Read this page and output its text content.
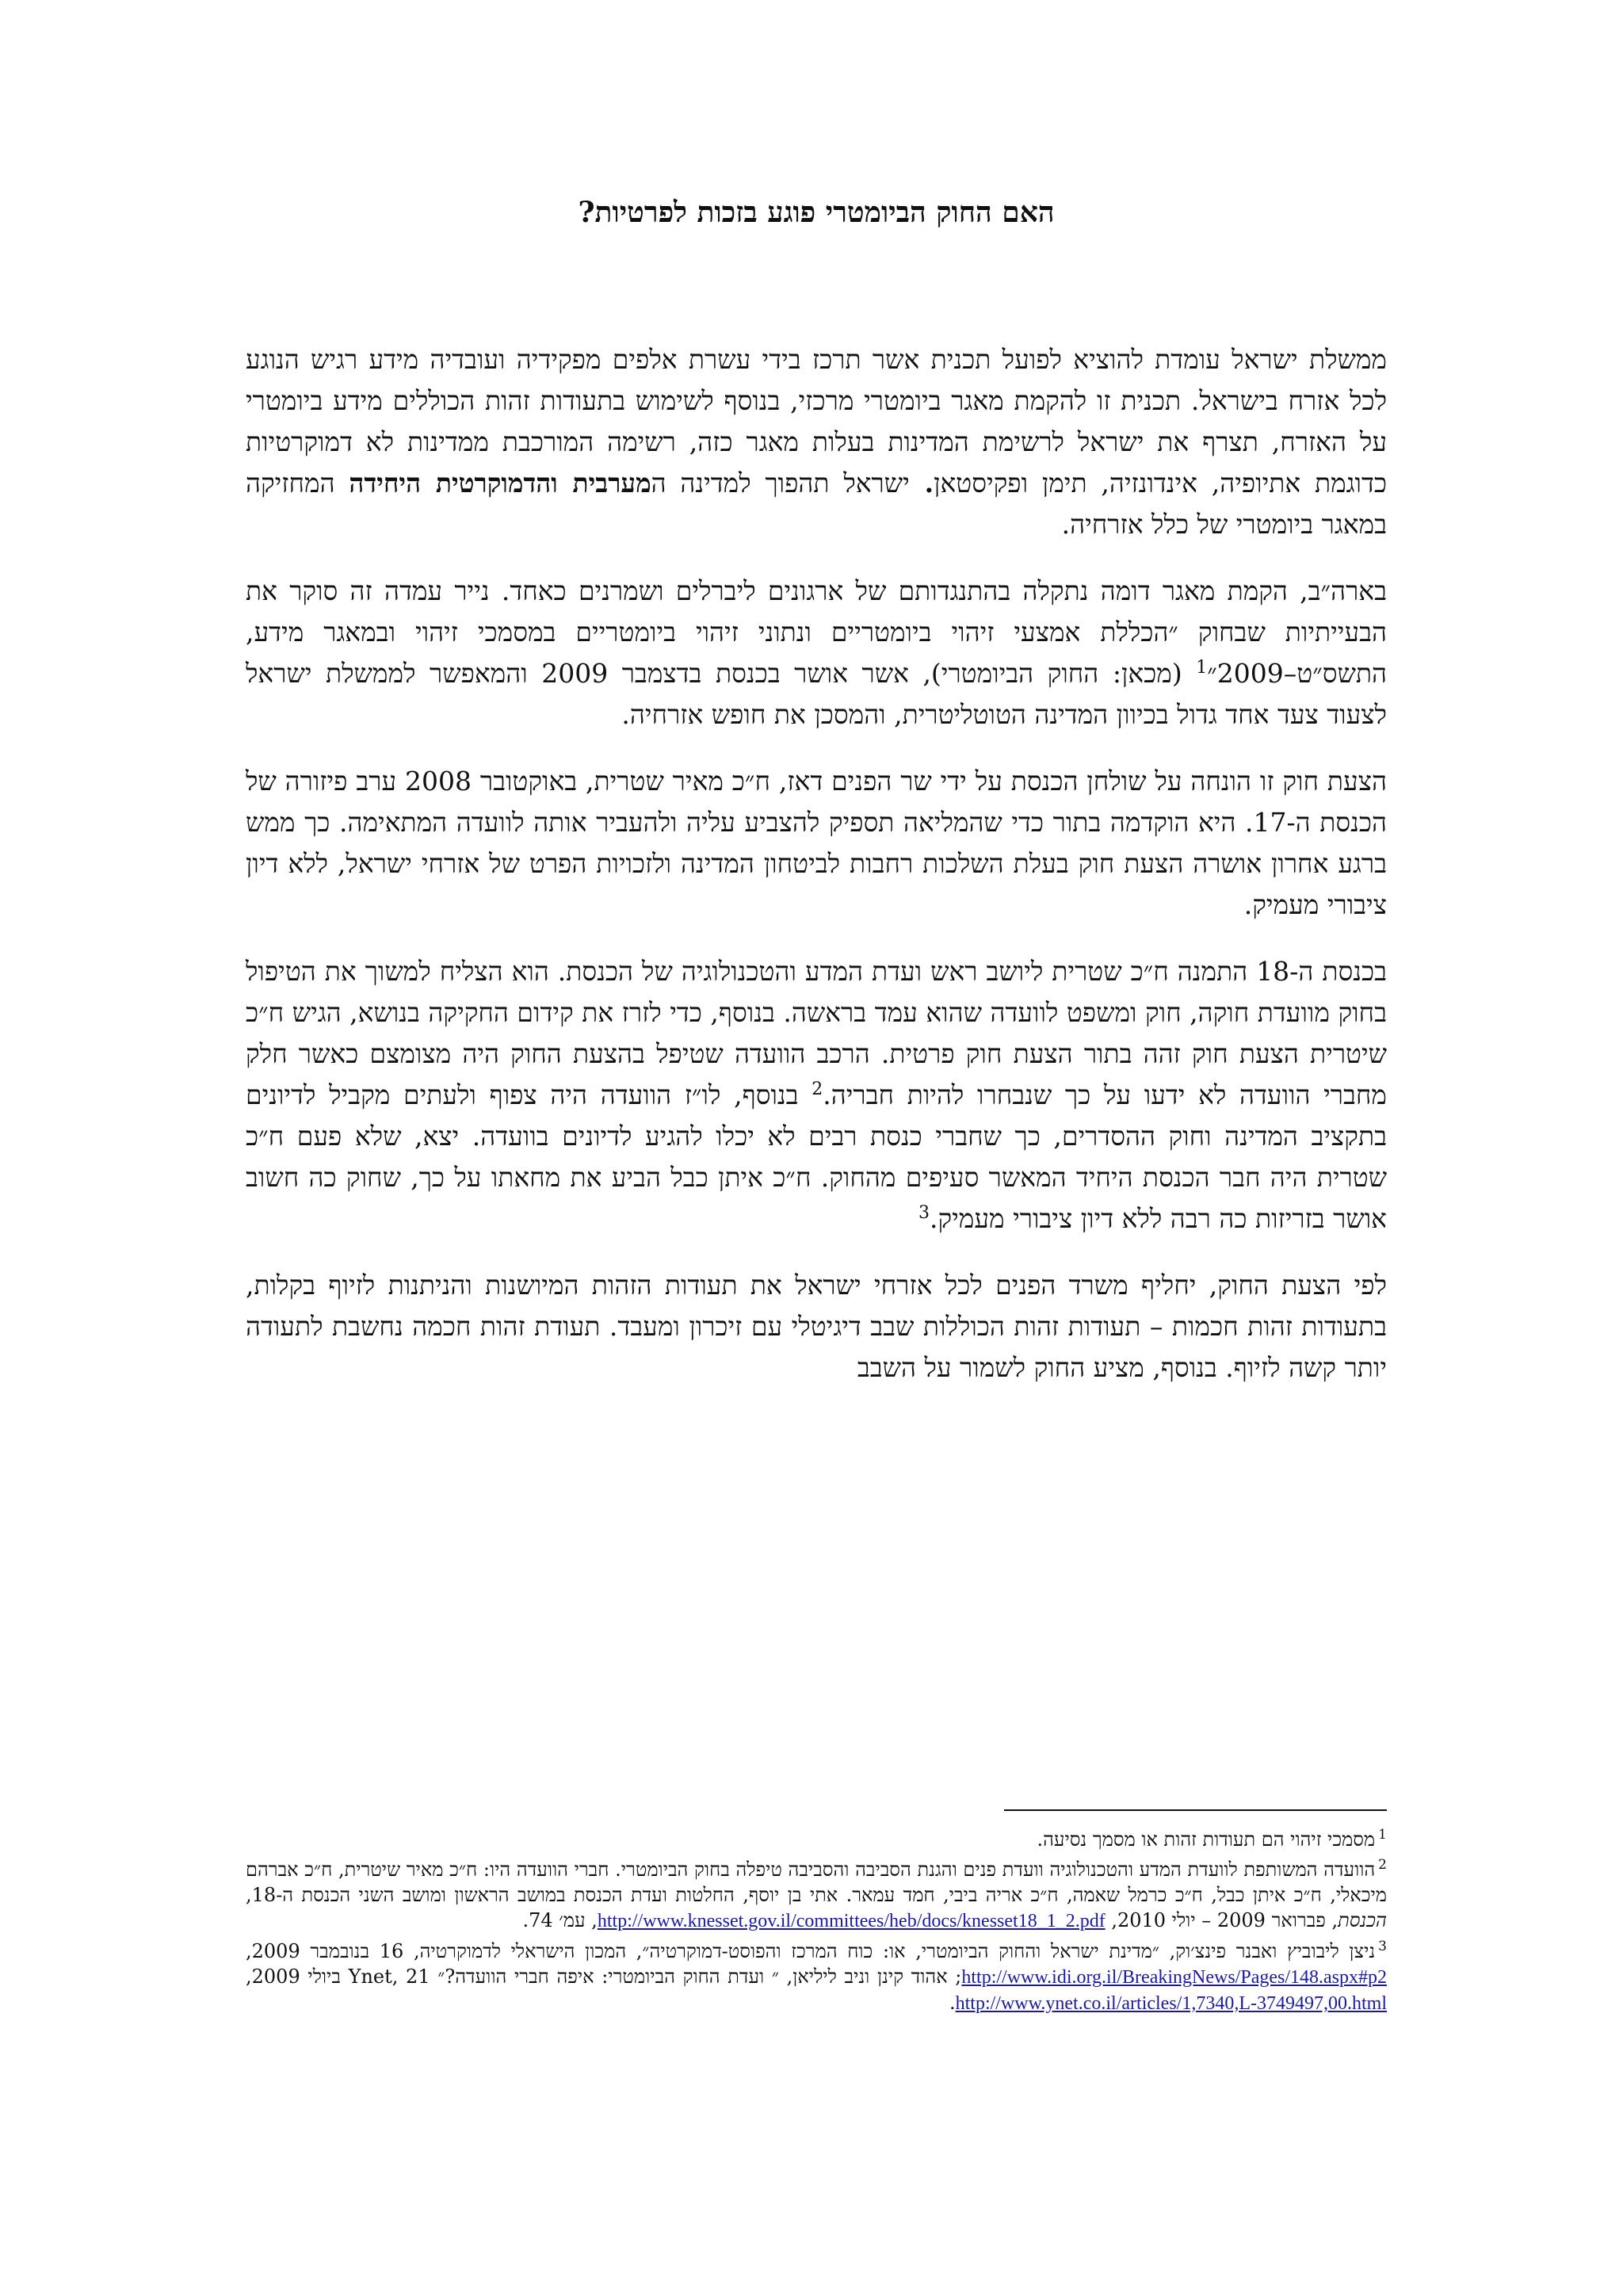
האם החוק הביומטרי פוגע בזכות לפרטיות?

ממשלת ישראל עומדת להוציא לפועל תכנית אשר תרכז בידי עשרת אלפים מפקידיה ועובדיה מידע רגיש הנוגע לכל אזרח בישראל. תכנית זו להקמת מאגר ביומטרי מרכזי, בנוסף לשימוש בתעודות זהות הכוללים מידע ביומטרי על האזרח, תצרף את ישראל לרשימת המדינות בעלות מאגר כזה, רשימה המורכבת ממדינות לא דמוקרטיות כדוגמת אתיופיה, אינדונזיה, תימן ופקיסטאן. ישראל תהפוך למדינה המערבית והדמוקרטית היחידה המחזיקה במאגר ביומטרי של כלל אזרחיה.

בארה״ב, הקמת מאגר דומה נתקלה בהתנגדותם של ארגונים ליברלים ושמרנים כאחד. נייר עמדה זה סוקר את הבעייתיות שבחוק ״הכללת אמצעי זיהוי ביומטריים ונתוני זיהוי ביומטריים במסמכי זיהוי ובמאגר מידע, התשס״ט–2009״$^1$ (מכאן: החוק הביומטרי), אשר אושר בכנסת בדצמבר 2009 והמאפשר לממשלת ישראל לצעוד צעד אחד גדול בכיוון המדינה הטוטליטרית, והמסכן את חופש אזרחיה.

הצעת חוק זו הונחה על שולחן הכנסת על ידי שר הפנים דאז, ח״כ מאיר שטרית, באוקטובר 2008 ערב פיזורה של הכנסת ה-17. היא הוקדמה בתור כדי שהמליאה תספיק להצביע עליה ולהעביר אותה לוועדה המתאימה. כך ממש ברגע אחרון אושרה הצעת חוק בעלת השלכות רחבות לביטחון המדינה ולזכויות הפרט של אזרחי ישראל, ללא דיון ציבורי מעמיק.

בכנסת ה-18 התמנה ח״כ שטרית ליושב ראש ועדת המדע והטכנולוגיה של הכנסת. הוא הצליח למשוך את הטיפול בחוק מוועדת חוקה, חוק ומשפט לוועדה שהוא עמד בראשה. בנוסף, כדי לזרז את קידום החקיקה בנושא, הגיש ח״כ שיטרית הצעת חוק זהה בתור הצעת חוק פרטית. הרכב הוועדה שטיפל בהצעת החוק היה מצומצם כאשר חלק מחברי הוועדה לא ידעו על כך שנבחרו להיות חבריה.$^2$ בנוסף, לו״ז הוועדה היה צפוף ולעתים מקביל לדיונים בתקציב המדינה וחוק ההסדרים, כך שחברי כנסת רבים לא יכלו להגיע לדיונים בוועדה. יצא, שלא פעם ח״כ שטרית היה חבר הכנסת היחיד המאשר סעיפים מהחוק. ח״כ איתן כבל הביע את מחאתו על כך, שחוק כה חשוב אושר בזריזות כה רבה ללא דיון ציבורי מעמיק.$^3$

לפי הצעת החוק, יחליף משרד הפנים לכל אזרחי ישראל את תעודות הזהות המיושנות והניתנות לזיוף בקלות, בתעודות זהות חכמות – תעודות זהות הכוללות שבב דיגיטלי עם זיכרון ומעבד. תעודת זהות חכמה נחשבת לתעודה יותר קשה לזיוף. בנוסף, מציע החוק לשמור על השבב

$^1$מסמכי זיהוי הם תעודות זהות או מסמך נסיעה.

$^2$הוועדה המשותפת לוועדת המדע והטכנולוגיה וועדת פנים והגנת הסביבה והסביבה טיפלה בחוק הביומטרי. חברי הוועדה היו: ח״כ מאיר שיטרית, ח״כ אברהם מיכאלי, ח״כ איתן כבל, ח״כ כרמל שאמה, ח״כ אריה ביבי, חמד עמאר. אתי בן יוסף, החלטות ועדת הכנסת במושב הראשון ומושב השני הכנסת ה-18, הכנסת, פברואר 2009 – יולי 2010, http://www.knesset.gov.il/committees/heb/docs/knesset18_1_2.pdf, עמ׳ 74.

$^3$ניצן ליבוביץ ואבנר פינצ׳וק, ״מדינת ישראל והחוק הביומטרי, או: כוח המרכז והפוסט-דמוקרטיה״, המכון הישראלי לדמוקרטיה, 16 בנובמבר 2009, http://www.idi.org.il/BreakingNews/Pages/148.aspx#p2; אהוד קינן וניב ליליאן, ״ ועדת החוק הביומטרי: איפה חברי הוועדה?״ Ynet, 21 ביולי 2009, http://www.ynet.co.il/articles/1,7340,L-3749497,00.html.
